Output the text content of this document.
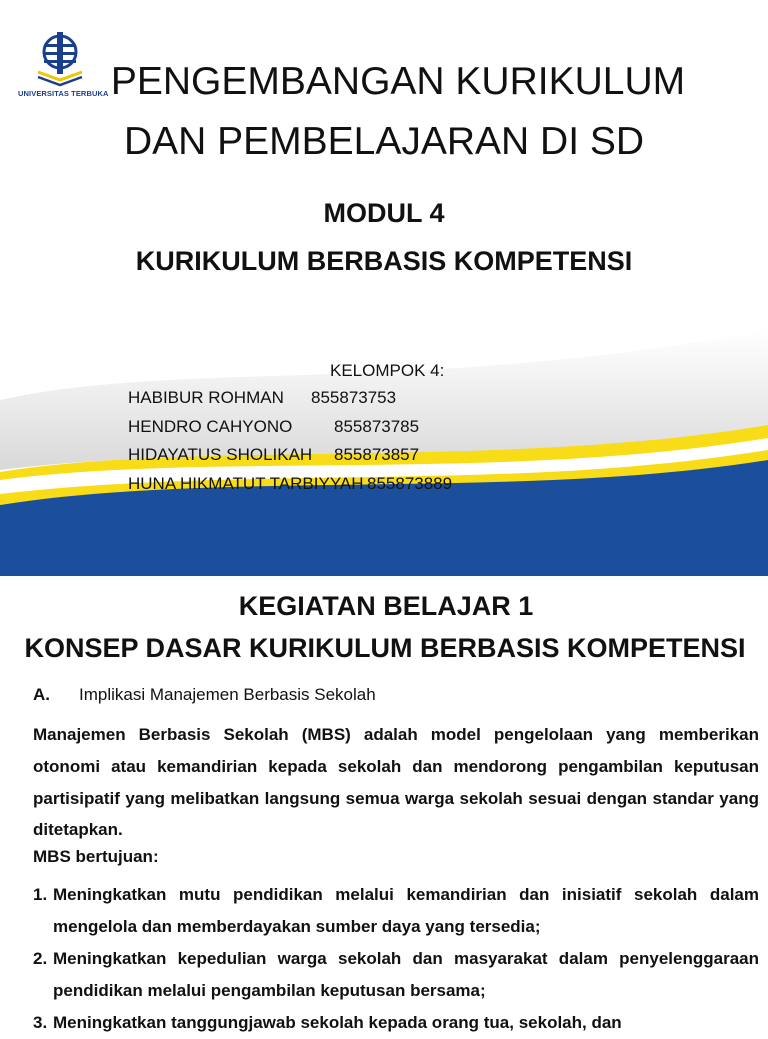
UNIVERSITAS TERBUKA PENGEMBANGAN KURIKULUM
DAN PEMBELAJARAN DI SD
MODUL 4
KURIKULUM BERBASIS KOMPETENSI
KELOMPOK 4:
HABIBUR ROHMAN 855873753
HENDRO CAHYONO 855873785
HIDAYATUS SHOLIKAH 855873857
HUNA HIKMATUT TARBIYYAH 855873889
KEGIATAN BELAJAR 1
KONSEP DASAR KURIKULUM BERBASIS KOMPETENSI
A. Implikasi Manajemen Berbasis Sekolah

Manajemen Berbasis Sekolah (MBS) adalah model pengelolaan yang memberikan otonomi atau kemandirian kepada sekolah dan mendorong pengambilan keputusan partisipatif yang melibatkan langsung semua warga sekolah sesuai dengan standar yang ditetapkan.

MBS bertujuan:
1. Meningkatkan mutu pendidikan melalui kemandirian dan inisiatif sekolah dalam mengelola dan memberdayakan sumber daya yang tersedia;

2. Meningkatkan kepedulian warga sekolah dan masyarakat dalam penyelenggaraan pendidikan melalui pengambilan keputusan bersama;

3. Meningkatkan tanggungjawab sekolah kepada orang tua, sekolah, dan
